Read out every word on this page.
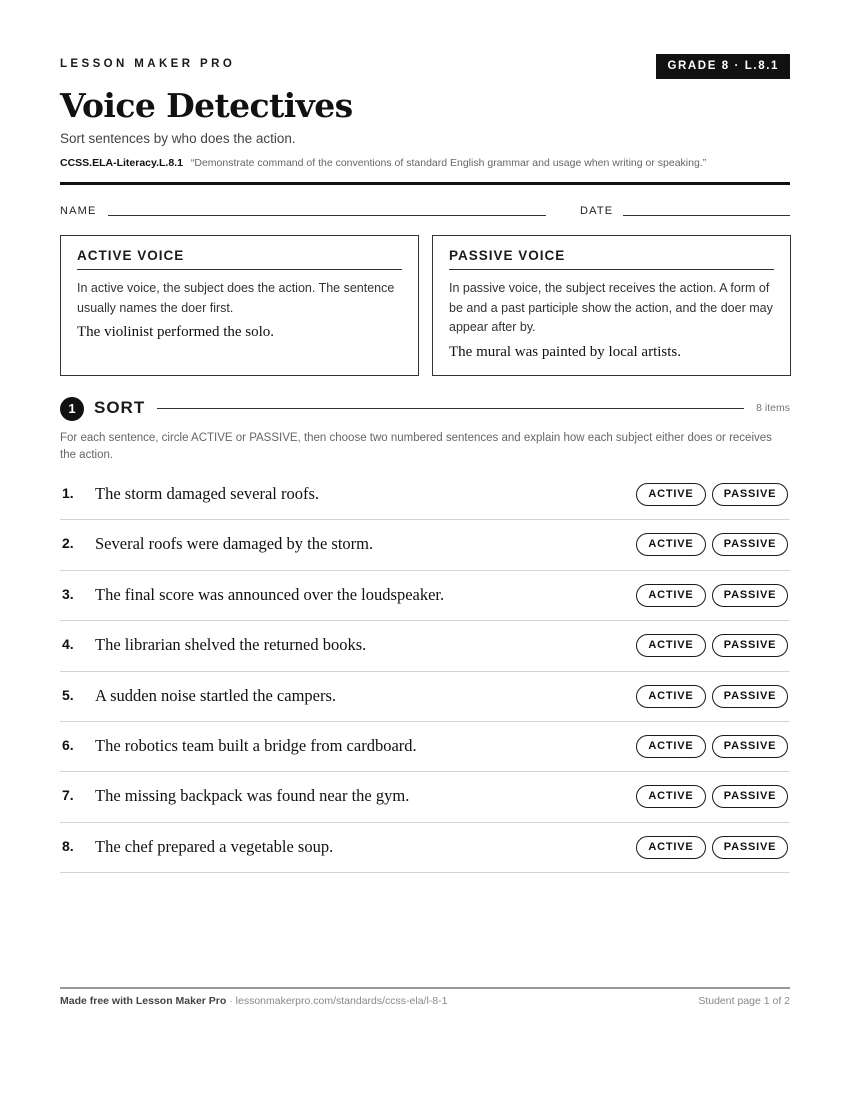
LESSON MAKER PRO	GRADE 8 · L.8.1
Voice Detectives
Sort sentences by who does the action.
CCSS.ELA-Literacy.L.8.1 “Demonstrate command of the conventions of standard English grammar and usage when writing or speaking.”
NAME	DATE
ACTIVE VOICE
In active voice, the subject does the action. The sentence usually names the doer first.
The violinist performed the solo.
PASSIVE VOICE
In passive voice, the subject receives the action. A form of be and a past participle show the action, and the doer may appear after by.
The mural was painted by local artists.
1	SORT	8 items

For each sentence, circle ACTIVE or PASSIVE, then choose two numbered sentences and explain how each subject either does or receives the action.

1. The storm damaged several roofs.	ACTIVE	PASSIVE
2. Several roofs were damaged by the storm.	ACTIVE	PASSIVE
3. The final score was announced over the loudspeaker.	ACTIVE	PASSIVE
4. The librarian shelved the returned books.	ACTIVE	PASSIVE
5. A sudden noise startled the campers.	ACTIVE	PASSIVE
6. The robotics team built a bridge from cardboard.	ACTIVE	PASSIVE
7. The missing backpack was found near the gym.	ACTIVE	PASSIVE
8. The chef prepared a vegetable soup.	ACTIVE	PASSIVE
Made free with Lesson Maker Pro · lessonmakerpro.com/standards/ccss-ela/l-8-1	Student page 1 of 2
